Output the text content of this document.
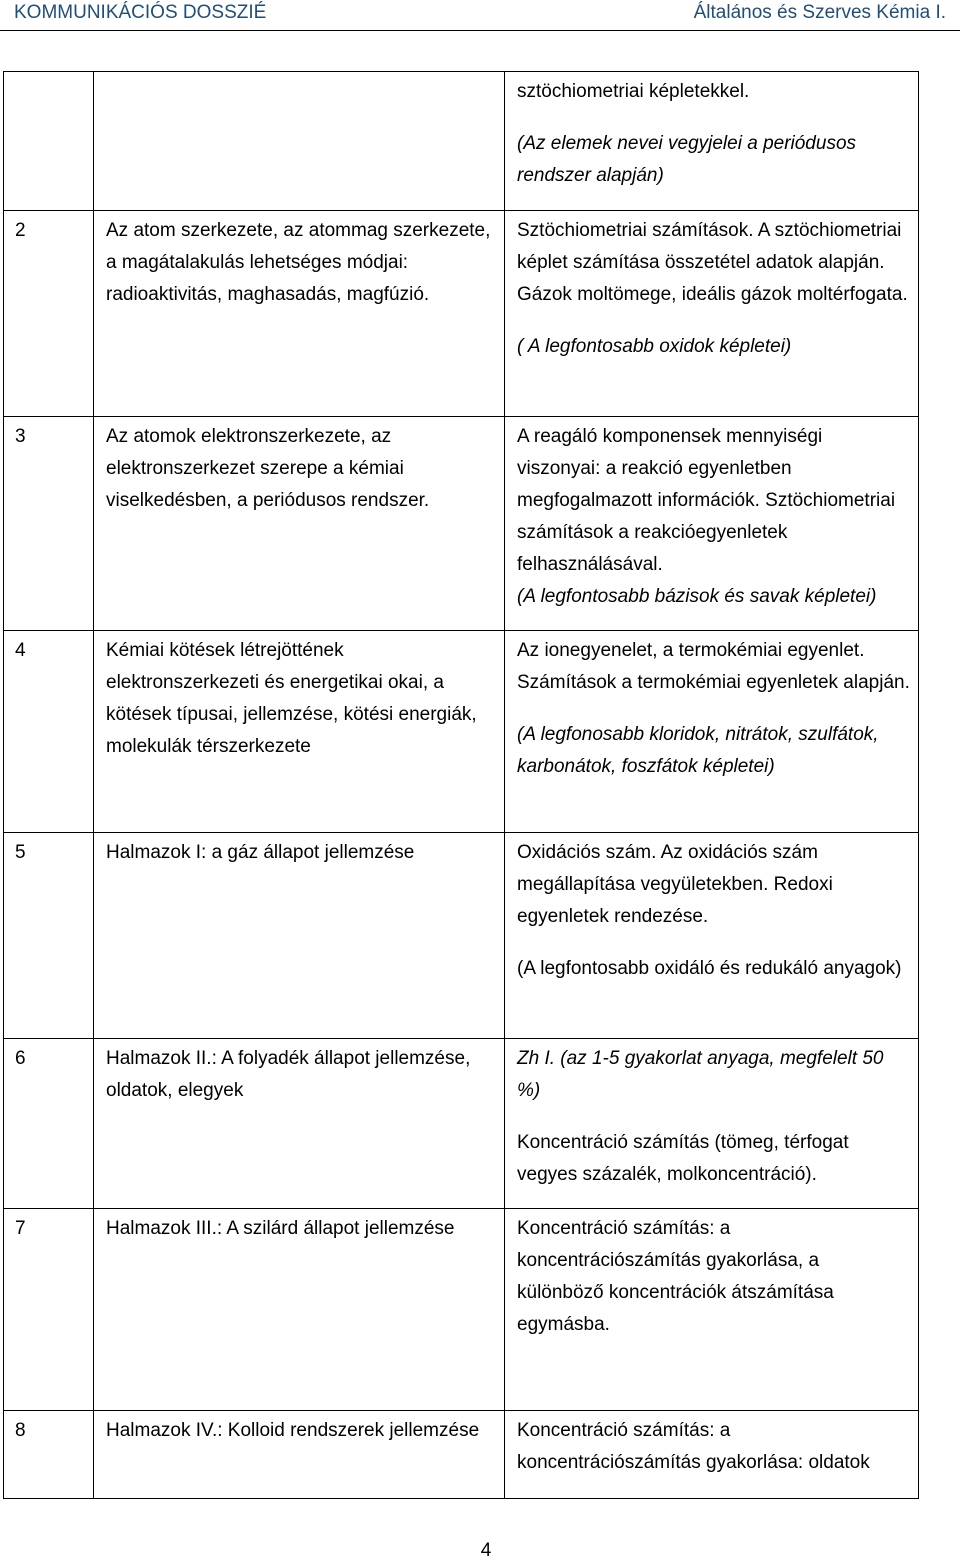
KOMMUNIKÁCIÓS DOSSZIÉ	Általános és Szerves Kémia I.

		sztöchiometriai képletekkel.

(Az elemek nevei vegyjelei a periódusos rendszer alapján)

2	Az atom szerkezete, az atommag szerkezete, a magátalakulás lehetséges módjai: radioaktivitás, maghasadás, magfúzió.	Sztöchiometriai számítások. A sztöchiometriai képlet számítása összetétel adatok alapján. Gázok moltömege, ideális gázok moltérfogata.

( A legfontosabb oxidok képletei)

3	Az atomok elektronszerkezete, az elektronszerkezet szerepe a kémiai viselkedésben, a periódusos rendszer.	A reagáló komponensek mennyiségi viszonyai: a reakció egyenletben megfogalmazott információk. Sztöchiometriai számítások a reakcióegyenletek felhasználásával.

(A legfontosabb bázisok és savak képletei)

4	Kémiai kötések létrejöttének elektronszerkezeti és energetikai okai, a kötések típusai, jellemzése, kötési energiák, molekulák térszerkezete	Az ionegyenelet, a termokémiai egyenlet. Számítások a termokémiai egyenletek alapján.

(A legfonosabb kloridok, nitrátok, szulfátok, karbonátok, foszfátok képletei)

5	Halmazok I: a gáz állapot jellemzése	Oxidációs szám. Az oxidációs szám megállapítása vegyületekben. Redoxi egyenletek rendezése.

(A legfontosabb oxidáló és redukáló anyagok)

6	Halmazok II.: A folyadék állapot jellemzése, oldatok, elegyek	Zh I. (az 1-5 gyakorlat anyaga, megfelelt 50 %)

Koncentráció számítás (tömeg, térfogat vegyes százalék, molkoncentráció).

7	Halmazok III.: A szilárd állapot jellemzése	Koncentráció számítás: a koncentrációszámítás gyakorlása, a különböző koncentrációk átszámítása egymásba.

8	Halmazok IV.: Kolloid rendszerek jellemzése	Koncentráció számítás: a koncentrációszámítás gyakorlása: oldatok

4
